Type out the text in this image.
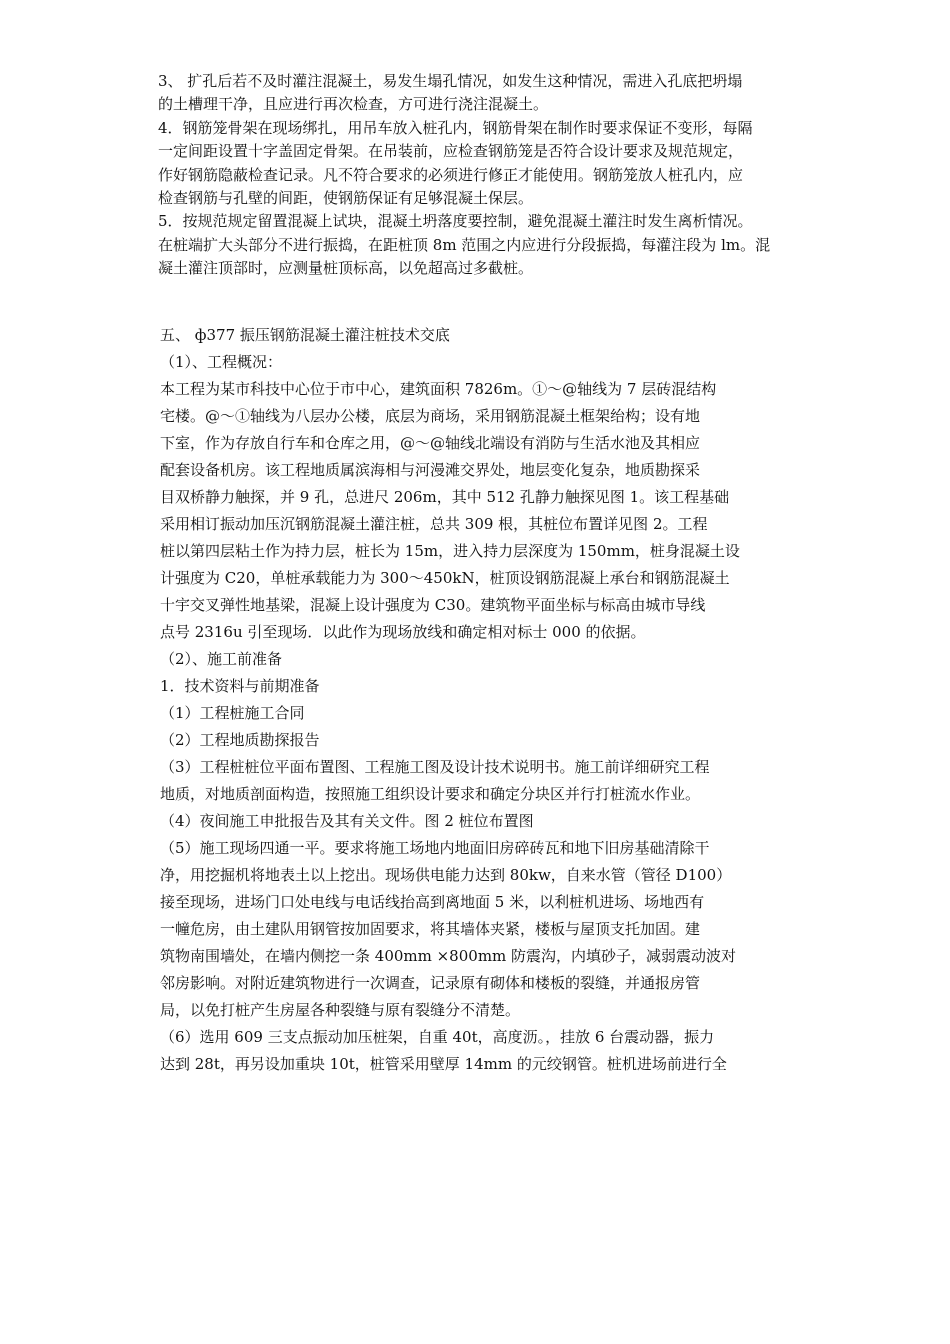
3、 扩孔后若不及时灌注混凝土，易发生塌孔情况，如发生这种情况，需进入孔底把坍塌
的土槽理干净，且应进行再次检查，方可进行浇注混凝土。
4．钢筋笼骨架在现场绑扎，用吊车放入桩孔内，钢筋骨架在制作时要求保证不变形，每隔
一定间距设置十字盖固定骨架。在吊装前，应检查钢筋笼是否符合设计要求及规范规定，
作好钢筋隐蔽检查记录。凡不符合要求的必须进行修正才能使用。钢筋笼放人桩孔内，应
检查钢筋与孔壁的间距，使钢筋保证有足够混凝土保层。
5．按规范规定留置混凝上试块，混凝土坍落度要控制，避免混凝土灌注时发生离析情况。
在桩端扩大头部分不进行振捣，在距桩顶 8m 范围之内应进行分段振捣，每灌注段为 lm。混
凝土灌注顶部时，应测量桩顶标高，以免超高过多截桩。
五、 ф377 振压钢筋混凝土灌注桩技术交底
（1）、工程概况：
本工程为某市科技中心位于市中心，建筑面积 7826m。①～@轴线为 7 层砖混结构
宅楼。@～①轴线为八层办公楼，底层为商场，采用钢筋混凝土框架绐构；设有地
下室，作为存放自行车和仓库之用，@～@轴线北端设有消防与生活水池及其相应
配套设备机房。该工程地质属滨海相与河漫滩交界处，地层变化复杂，地质勘探采
目双桥静力触探，并 9 孔，总进尺 206m，其中 512 孔静力触探见图 1。该工程基础
采用相订振动加压沉钢筋混凝土灌注桩，总共 309 根，其桩位布置详见图 2。工程
桩以第四层粘土作为持力层，桩长为 15m，进入持力层深度为 150mm，桩身混凝土设
计强度为 C20，单桩承载能力为 300～450kN，桩顶设钢筋混凝上承台和钢筋混凝土
十宇交叉弹性地基梁，混凝上设计强度为 C30。建筑物平面坐标与标高由城市导线
点号 2316u 引至现场．以此作为现场放线和确定相对标士 000 的依据。
（2）、施工前准备
1．技术资料与前期准备
（1）工程桩施工合同
（2）工程地质勘探报告
（3）工程桩桩位平面布置图、工程施工图及设计技术说明书。施工前详细研究工程
地质，对地质剖面构造，按照施工组织设计要求和确定分块区并行打桩流水作业。
（4）夜间施工申批报告及其有关文件。图 2 桩位布置图
（5）施工现场四通一平。要求将施工场地内地面旧房碎砖瓦和地下旧房基础清除干
净，用挖掘机将地表土以上挖出。现场供电能力达到 80kw，自来水管（管径 D100）
接至现场，进场门口处电线与电话线抬高到离地面 5 米，以利桩机进场、场地西有
一幢危房，由土建队用钢管按加固要求，将其墙体夹紧，楼板与屋顶支托加固。建
筑物南围墙处，在墙内侧挖一条 400mm ×800mm 防震沟，内填砂子，减弱震动波对
邻房影响。对附近建筑物进行一次调查，记录原有砌体和楼板的裂缝，并通报房管
局，以免打桩产生房屋各种裂缝与原有裂缝分不清楚。
（6）选用 609 三支点振动加压桩架，自重 40t，高度沥。，挂放 6 台震动器，振力
达到 28t，再另设加重块 10t，桩管采用壁厚 14mm 的元绞钢管。桩机进场前进行全
